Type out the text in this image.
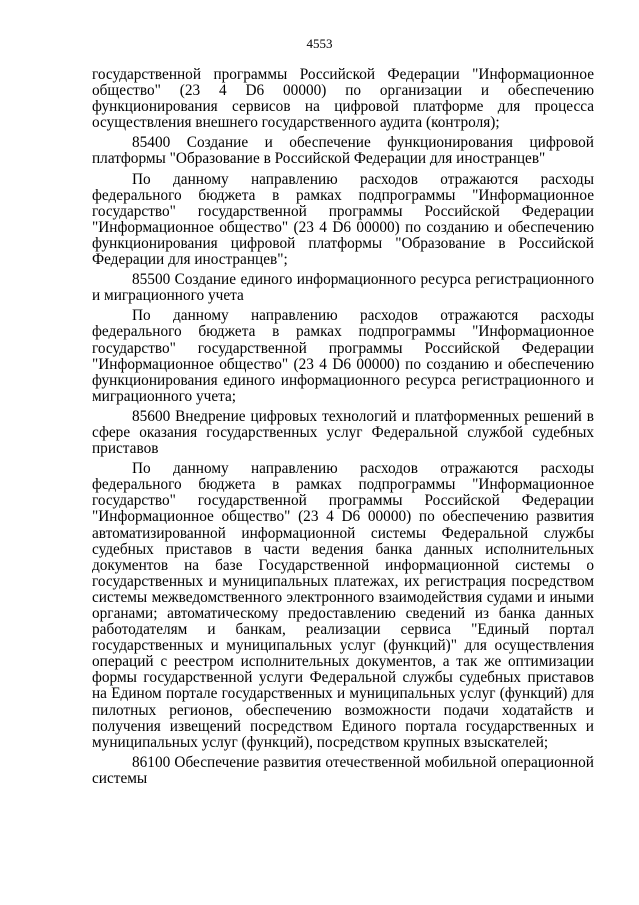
4553

государственной программы Российской Федерации "Информационное общество" (23 4 D6 00000) по организации и обеспечению функционирования сервисов на цифровой платформе для процесса осуществления внешнего государственного аудита (контроля);

85400 Создание и обеспечение функционирования цифровой платформы "Образование в Российской Федерации для иностранцев"

По данному направлению расходов отражаются расходы федерального бюджета в рамках подпрограммы "Информационное государство" государственной программы Российской Федерации "Информационное общество" (23 4 D6 00000) по созданию и обеспечению функционирования цифровой платформы "Образование в Российской Федерации для иностранцев";

85500 Создание единого информационного ресурса регистрационного и миграционного учета

По данному направлению расходов отражаются расходы федерального бюджета в рамках подпрограммы "Информационное государство" государственной программы Российской Федерации "Информационное общество" (23 4 D6 00000) по созданию и обеспечению функционирования единого информационного ресурса регистрационного и миграционного учета;

85600 Внедрение цифровых технологий и платформенных решений в сфере оказания государственных услуг Федеральной службой судебных приставов

По данному направлению расходов отражаются расходы федерального бюджета в рамках подпрограммы "Информационное государство" государственной программы Российской Федерации "Информационное общество" (23 4 D6 00000) по обеспечению развития автоматизированной информационной системы Федеральной службы судебных приставов в части ведения банка данных исполнительных документов на базе Государственной информационной системы о государственных и муниципальных платежах, их регистрация посредством системы межведомственного электронного взаимодействия судами и иными органами; автоматическому предоставлению сведений из банка данных работодателям и банкам, реализации сервиса "Единый портал государственных и муниципальных услуг (функций)" для осуществления операций с реестром исполнительных документов, а так же оптимизации формы государственной услуги Федеральной службы судебных приставов на Едином портале государственных и муниципальных услуг (функций) для пилотных регионов, обеспечению возможности подачи ходатайств и получения извещений посредством Единого портала государственных и муниципальных услуг (функций), посредством крупных взыскателей;

86100 Обеспечение развития отечественной мобильной операционной системы
